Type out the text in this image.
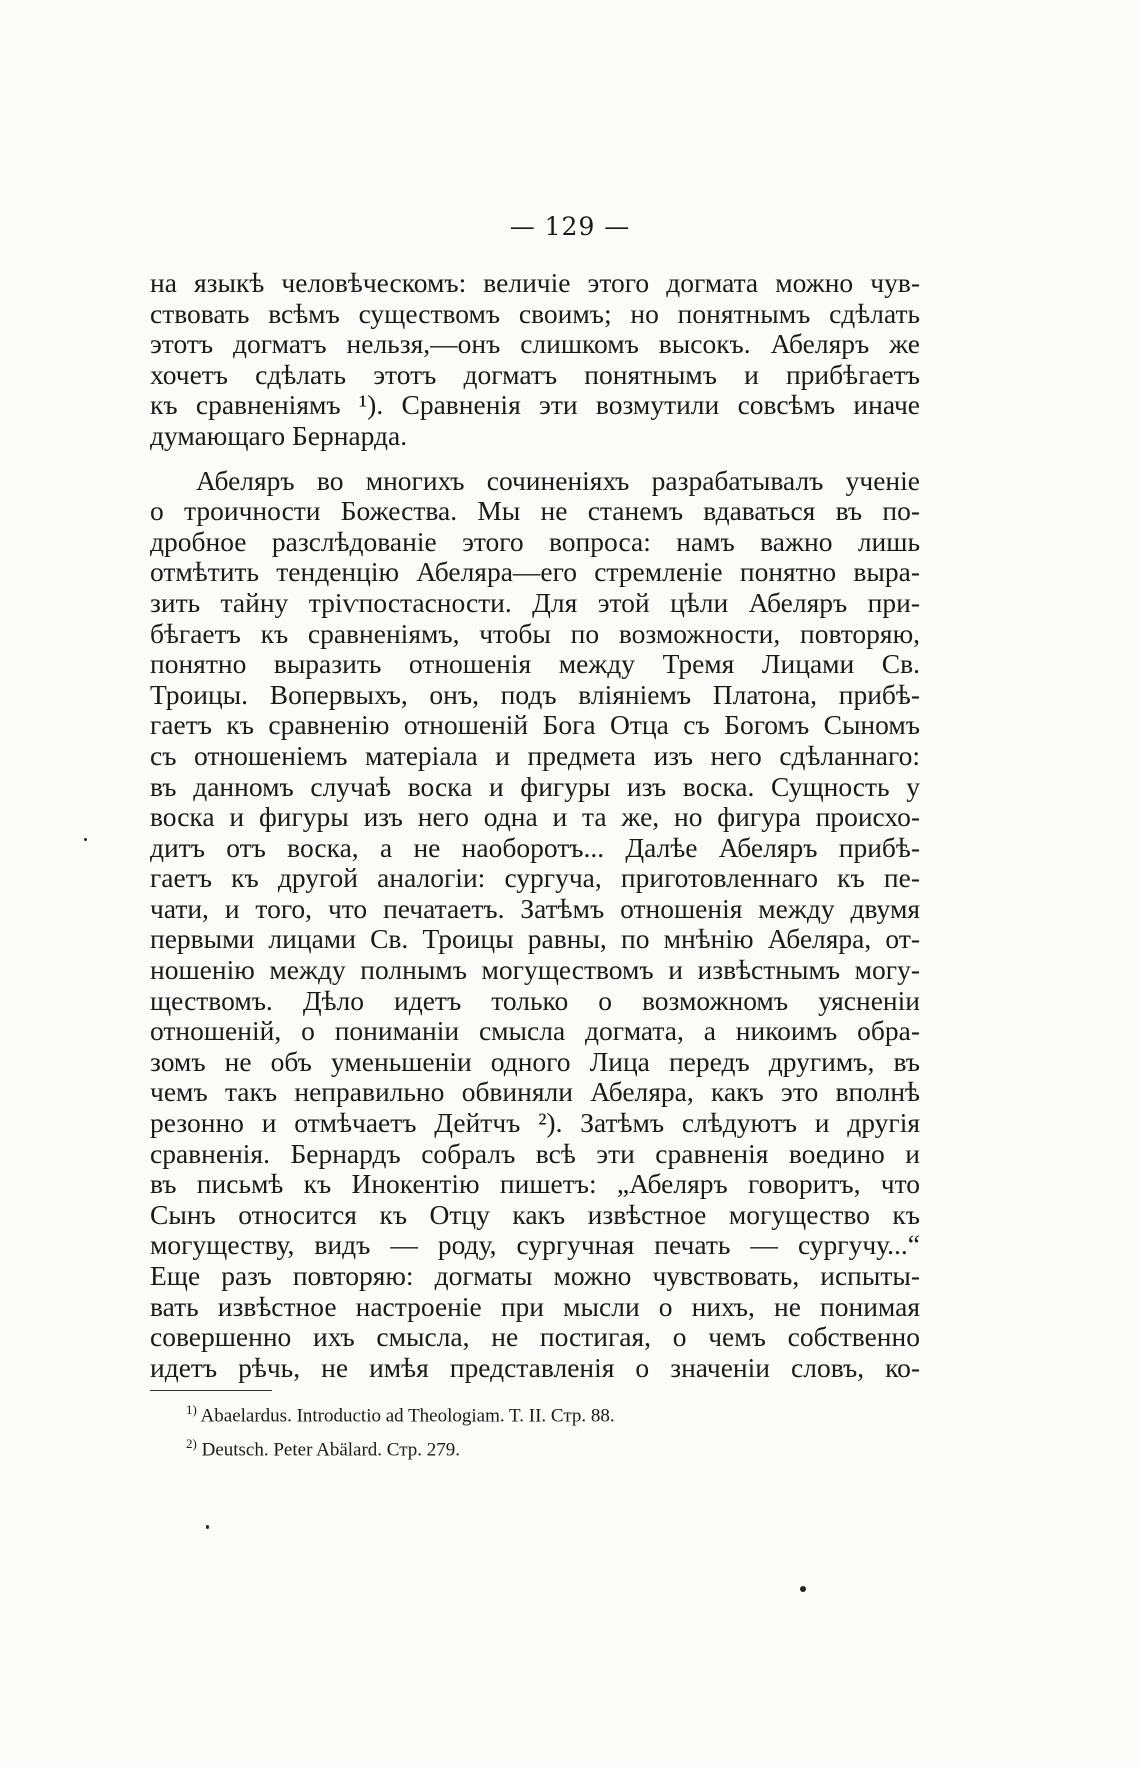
— 129 —
на языкѣ человѣческомъ: величіе этого догмата можно чув-
ствовать всѣмъ существомъ своимъ; но понятнымъ сдѣлать
этотъ догматъ нельзя,—онъ слишкомъ высокъ. Абеляръ же
хочетъ сдѣлать этотъ догматъ понятнымъ и прибѣгаетъ
къ сравненіямъ ¹). Сравненія эти возмутили совсѣмъ иначе
думающаго Бернарда.
Абеляръ во многихъ сочиненіяхъ разрабатывалъ ученіе
о троичности Божества. Мы не станемъ вдаваться въ по-
дробное разслѣдованіе этого вопроса: намъ важно лишь
отмѣтить тенденцію Абеляра—его стремленіе понятно выра-
зить тайну тріѵпостасности. Для этой цѣли Абеляръ при-
бѣгаетъ къ сравненіямъ, чтобы по возможности, повторяю,
понятно выразить отношенія между Тремя Лицами Св.
Троицы. Вопервыхъ, онъ, подъ вліяніемъ Платона, прибѣ-
гаетъ къ сравненію отношеній Бога Отца съ Богомъ Сыномъ
съ отношеніемъ матеріала и предмета изъ него сдѣланнаго:
въ данномъ случаѣ воска и фигуры изъ воска. Сущность у
воска и фигуры изъ него одна и та же, но фигура происхо-
дитъ отъ воска, а не наоборотъ... Далѣе Абеляръ прибѣ-
гаетъ къ другой аналогіи: сургуча, приготовленнаго къ пе-
чати, и того, что печатаетъ. Затѣмъ отношенія между двумя
первыми лицами Св. Троицы равны, по мнѣнію Абеляра, от-
ношенію между полнымъ могуществомъ и извѣстнымъ могу-
ществомъ. Дѣло идетъ только о возможномъ уясненіи
отношеній, о пониманіи смысла догмата, а никоимъ обра-
зомъ не объ уменьшеніи одного Лица передъ другимъ, въ
чемъ такъ неправильно обвиняли Абеляра, какъ это вполнѣ
резонно и отмѣчаетъ Дейтчъ ²). Затѣмъ слѣдуютъ и другія
сравненія. Бернардъ собралъ всѣ эти сравненія воедино и
въ письмѣ къ Инокентію пишетъ: „Абеляръ говоритъ, что
Сынъ относится къ Отцу какъ извѣстное могущество къ
могуществу, видъ — роду, сургучная печать — сургучу...“
Еще разъ повторяю: догматы можно чувствовать, испыты-
вать извѣстное настроеніе при мысли о нихъ, не понимая
совершенно ихъ смысла, не постигая, о чемъ собственно
идетъ рѣчь, не имѣя представленія о значеніи словъ, ко-
$^{1)}$ Abaelardus. Introductio ad Theologiam. T. II. Стр. 88.
$^{2)}$ Deutsch. Peter Abälard. Стр. 279.
